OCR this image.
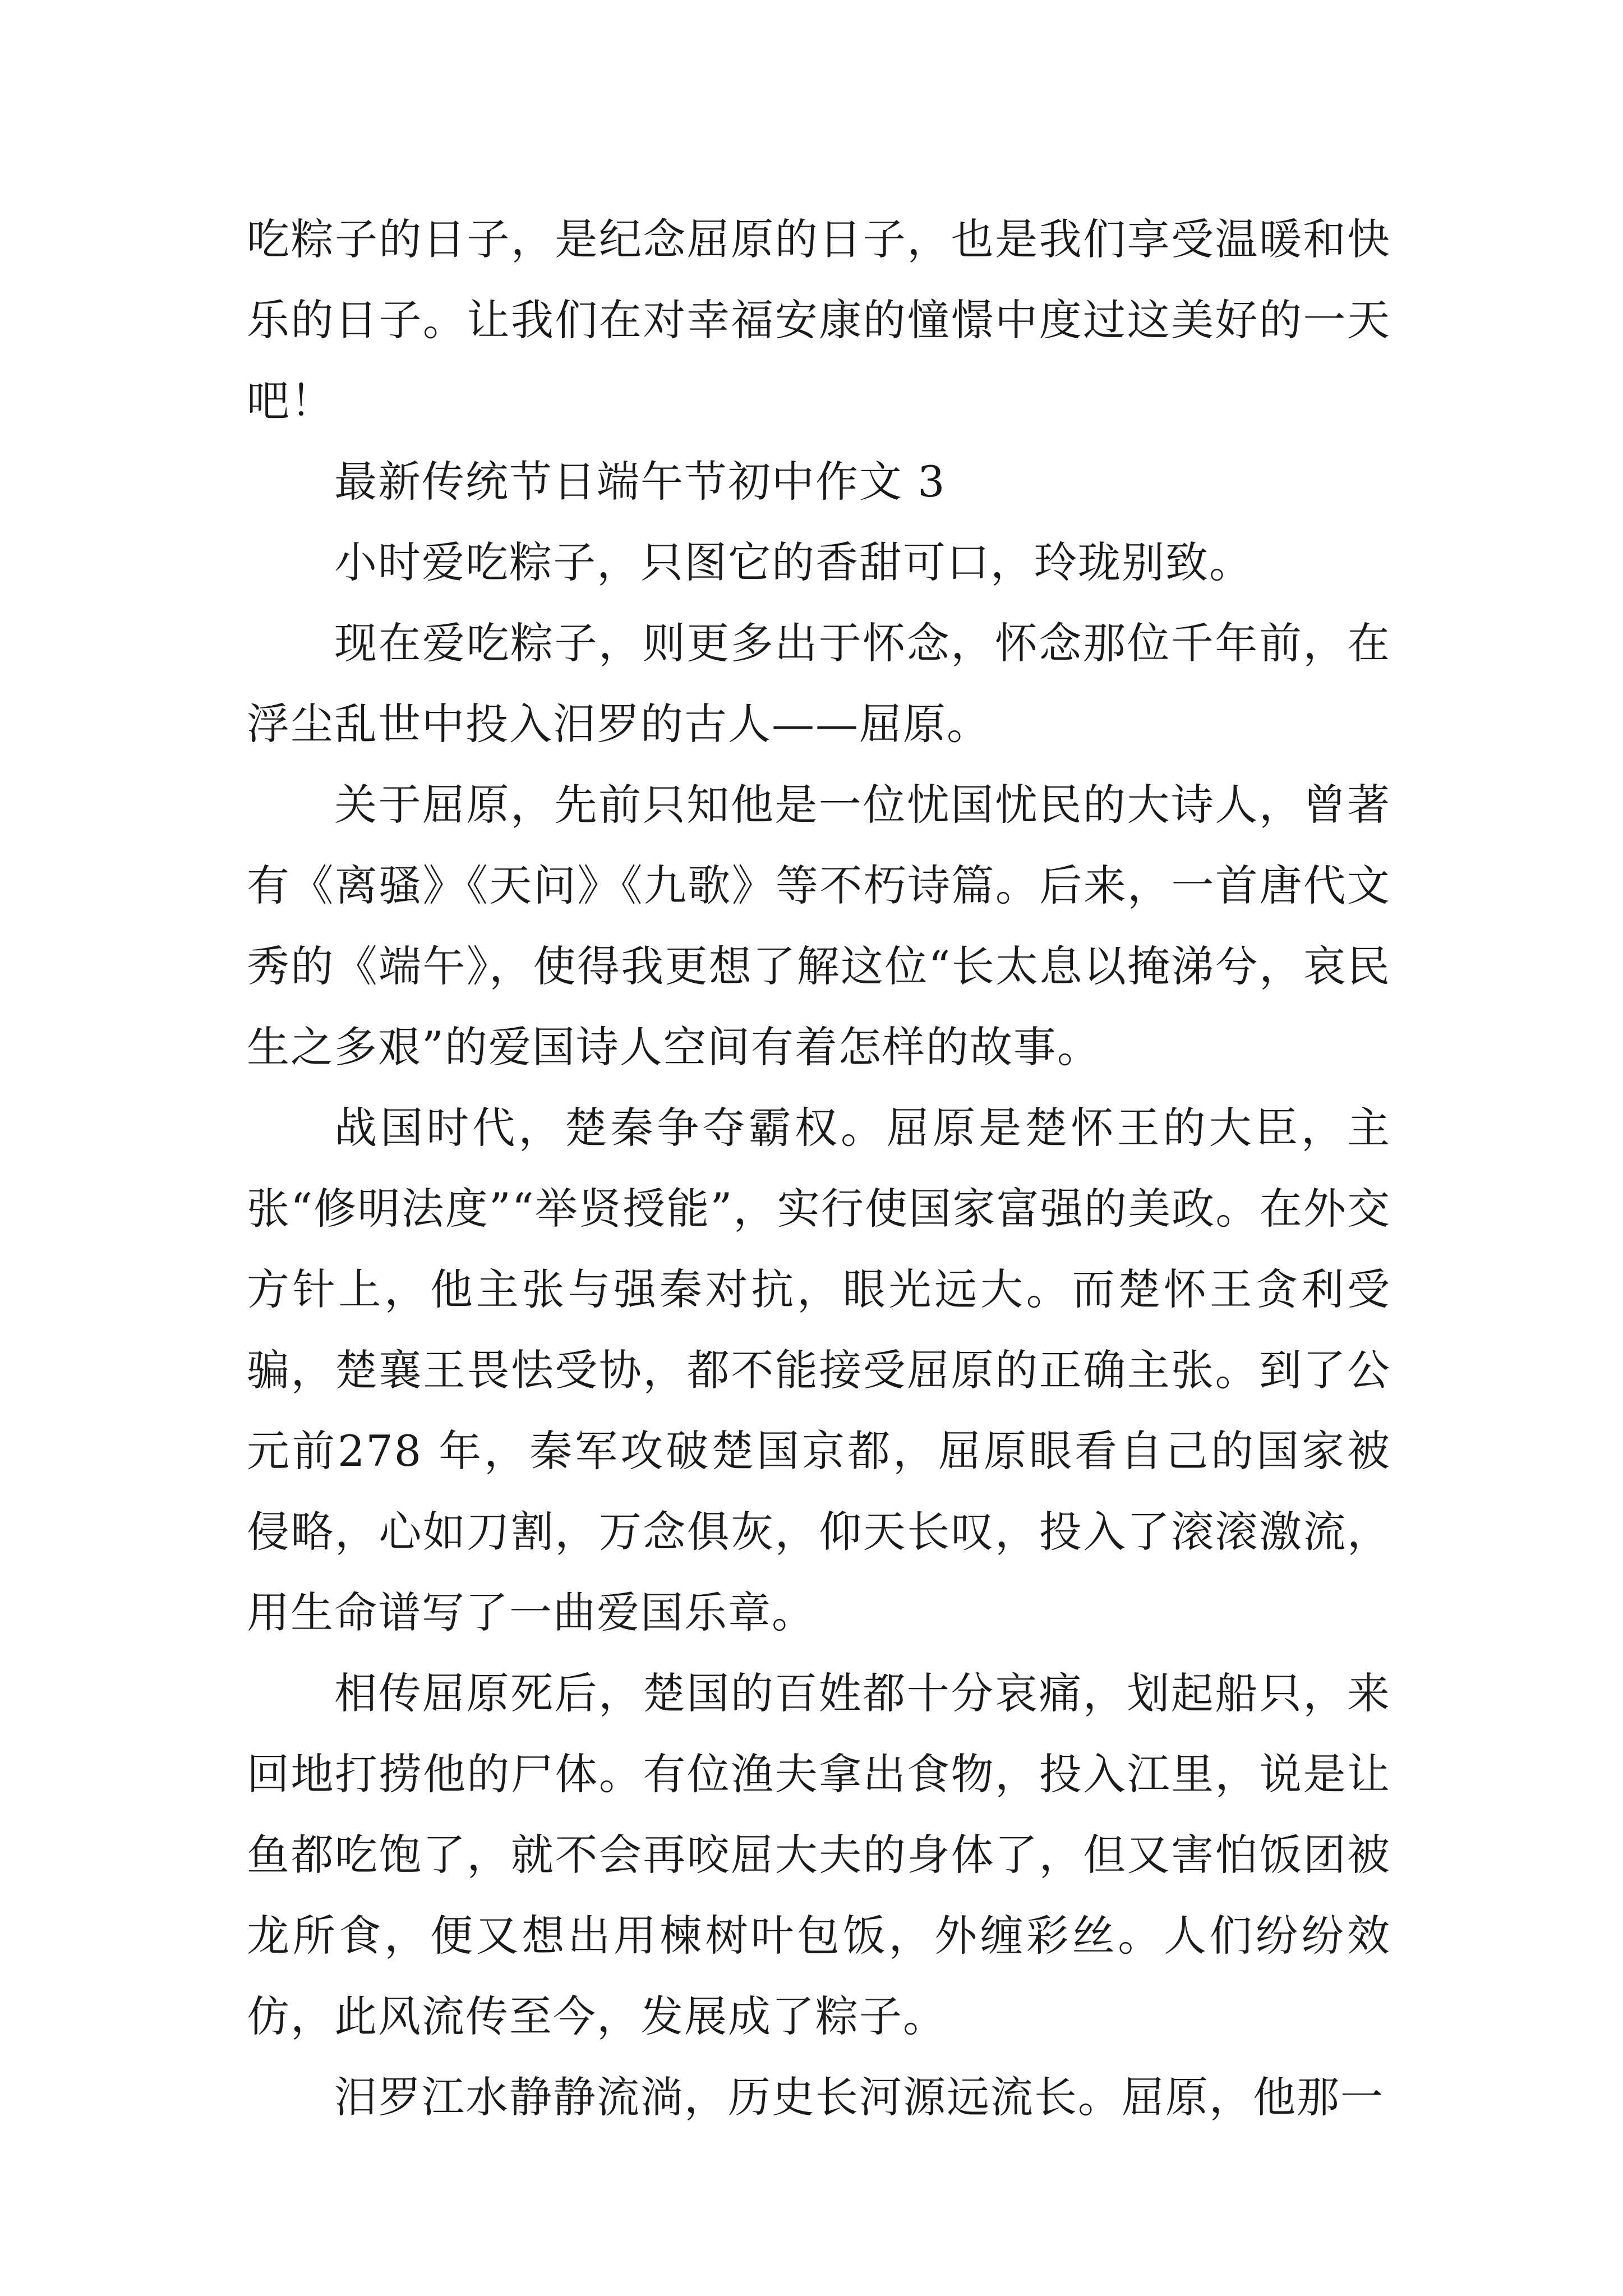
吃粽子的日子，是纪念屈原的日子，也是我们享受温暖和快乐的日子。让我们在对幸福安康的憧憬中度过这美好的一天吧！

最新传统节日端午节初中作文 3

小时爱吃粽子，只图它的香甜可口，玲珑别致。

现在爱吃粽子，则更多出于怀念，怀念那位千年前，在浮尘乱世中投入汨罗的古人——屈原。

关于屈原，先前只知他是一位忧国忧民的大诗人，曾著有《离骚》《天问》《九歌》等不朽诗篇。后来，一首唐代文秀的《端午》，使得我更想了解这位“长太息以掩涕兮，哀民生之多艰”的爱国诗人空间有着怎样的故事。

战国时代，楚秦争夺霸权。屈原是楚怀王的大臣，主张“修明法度”“举贤授能”，实行使国家富强的美政。在外交方针上，他主张与强秦对抗，眼光远大。而楚怀王贪利受骗，楚襄王畏怯受协，都不能接受屈原的正确主张。到了公元前278 年，秦军攻破楚国京都，屈原眼看自己的国家被侵略，心如刀割，万念俱灰，仰天长叹，投入了滚滚激流，用生命谱写了一曲爱国乐章。

相传屈原死后，楚国的百姓都十分哀痛，划起船只，来回地打捞他的尸体。有位渔夫拿出食物，投入江里，说是让鱼都吃饱了，就不会再咬屈大夫的身体了，但又害怕饭团被龙所食，便又想出用楝树叶包饭，外缠彩丝。人们纷纷效仿，此风流传至今，发展成了粽子。

汨罗江水静静流淌，历史长河源远流长。屈原，他那一
